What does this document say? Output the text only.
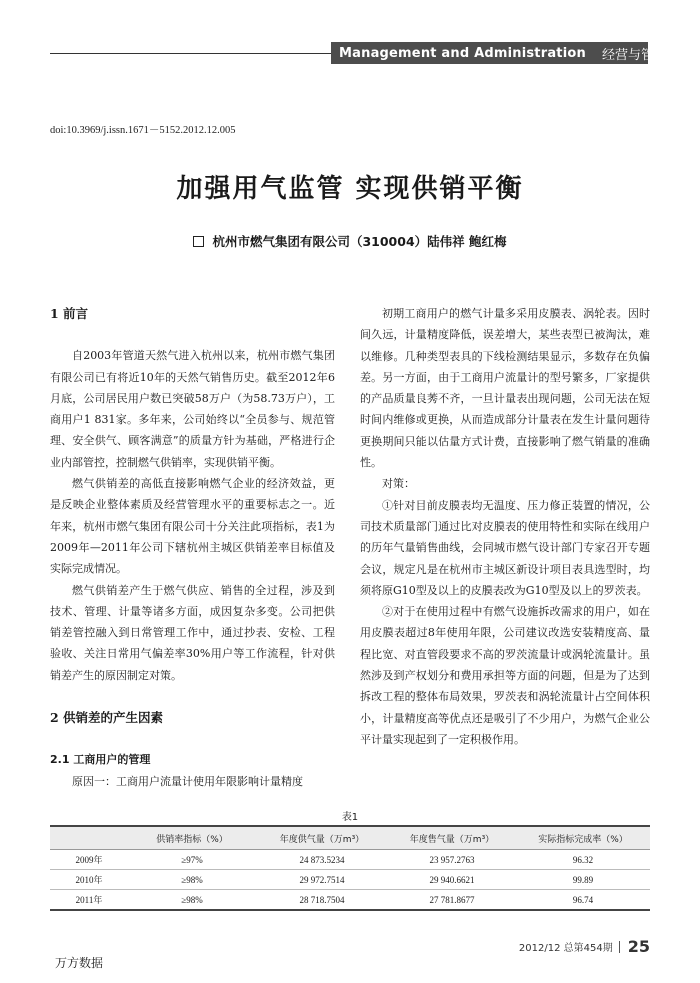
Management and Administration 经营与管理
doi:10.3969/j.issn.1671－5152.2012.12.005
加强用气监管 实现供销平衡
杭州市燃气集团有限公司（310004）陆伟祥 鲍红梅

1 前言

自2003年管道天然气进入杭州以来，杭州市燃气集团有限公司已有将近10年的天然气销售历史。截至2012年6月底，公司居民用户数已突破58万户（为58.73万户），工商用户1 831家。多年来，公司始终以“全员参与、规范管理、安全供气、顾客满意”的质量方针为基础，严格进行企业内部管控，控制燃气供销率，实现供销平衡。

燃气供销差的高低直接影响燃气企业的经济效益，更是反映企业整体素质及经营管理水平的重要标志之一。近年来，杭州市燃气集团有限公司十分关注此项指标，表1为2009年—2011年公司下辖杭州主城区供销差率目标值及实际完成情况。

燃气供销差产生于燃气供应、销售的全过程，涉及到技术、管理、计量等诸多方面，成因复杂多变。公司把供销差管控融入到日常管理工作中，通过抄表、安检、工程验收、关注日常用气偏差率30%用户等工作流程，针对供销差产生的原因制定对策。

2 供销差的产生因素

2.1 工商用户的管理

原因一：工商用户流量计使用年限影响计量精度

初期工商用户的燃气计量多采用皮膜表、涡轮表。因时间久远，计量精度降低，误差增大，某些表型已被淘汰，难以维修。几种类型表具的下线检测结果显示，多数存在负偏差。另一方面，由于工商用户流量计的型号繁多，厂家提供的产品质量良莠不齐，一旦计量表出现问题，公司无法在短时间内维修或更换，从而造成部分计量表在发生计量问题待更换期间只能以估量方式计费，直接影响了燃气销量的准确性。

对策：

①针对目前皮膜表均无温度、压力修正装置的情况，公司技术质量部门通过比对皮膜表的使用特性和实际在线用户的历年气量销售曲线，会同城市燃气设计部门专家召开专题会议，规定凡是在杭州市主城区新设计项目表具选型时，均须将原G10型及以上的皮膜表改为G10型及以上的罗茨表。

②对于在使用过程中有燃气设施拆改需求的用户，如在用皮膜表超过8年使用年限，公司建议改选安装精度高、量程比宽、对直管段要求不高的罗茨流量计或涡轮流量计。虽然涉及到产权划分和费用承担等方面的问题，但是为了达到拆改工程的整体布局效果，罗茨表和涡轮流量计占空间体积小，计量精度高等优点还是吸引了不少用户，为燃气企业公平计量实现起到了一定积极作用。

表1
	供销率指标（%）	年度供气量（万m³）	年度售气量（万m³）	实际指标完成率（%）
2009年	≥97%	24 873.5234	23 957.2763	96.32
2010年	≥98%	29 972.7514	29 940.6621	99.89
2011年	≥98%	28 718.7504	27 781.8677	96.74
2012/12 总第454期 25
万方数据
